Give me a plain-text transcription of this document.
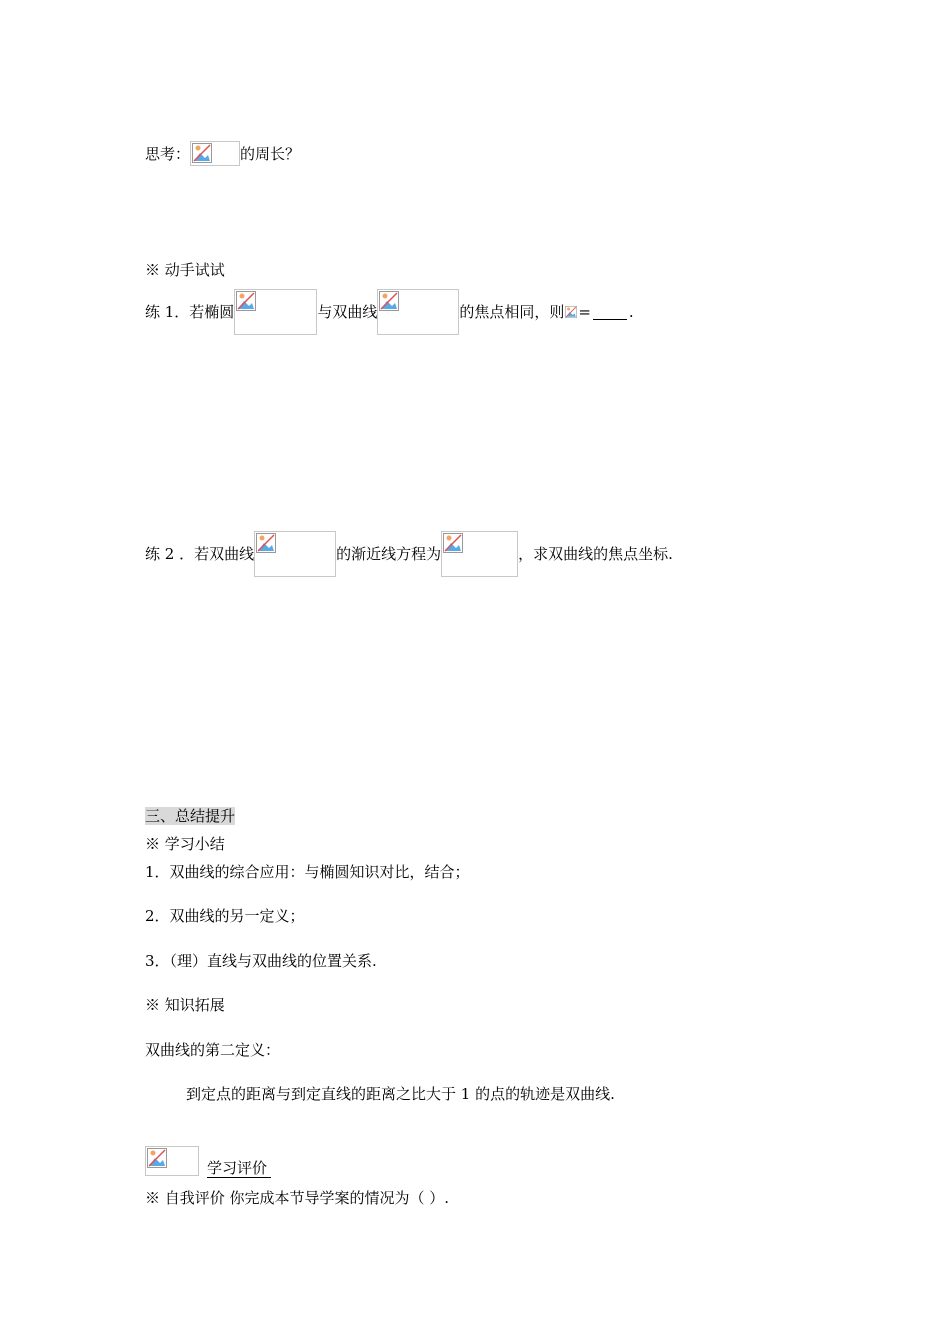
思考：	的周长？
※ 动手试试
练 1．若椭圆	与双曲线	的焦点相同，则 =	.
练 2 ．若双曲线	的渐近线方程为	，求双曲线的焦点坐标.
三、总结提升
※ 学习小结
1．双曲线的综合应用：与椭圆知识对比，结合；
2．双曲线的另一定义；
3．（理）直线与双曲线的位置关系.
※ 知识拓展
双曲线的第二定义：
到定点的距离与到定直线的距离之比大于 1 的点的轨迹是双曲线.
学习评价
※ 自我评价 你完成本节导学案的情况为（ ）.
